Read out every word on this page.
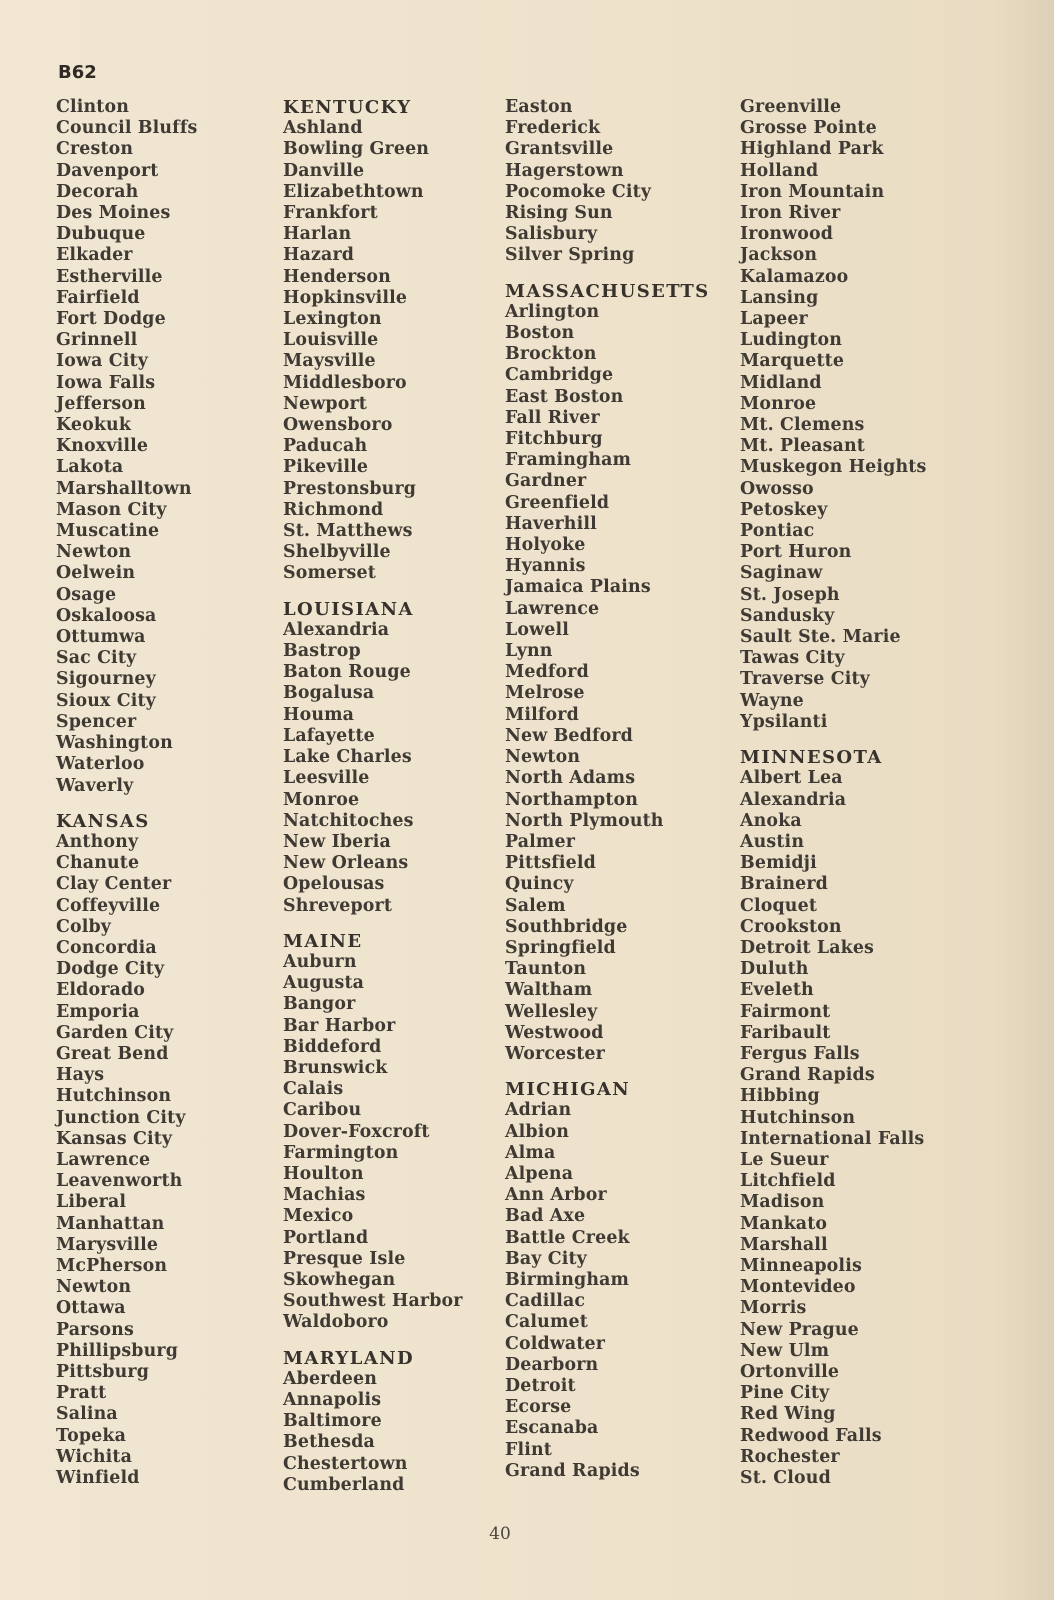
B62
Clinton
Council Bluffs
Creston
Davenport
Decorah
Des Moines
Dubuque
Elkader
Estherville
Fairfield
Fort Dodge
Grinnell
Iowa City
Iowa Falls
Jefferson
Keokuk
Knoxville
Lakota
Marshalltown
Mason City
Muscatine
Newton
Oelwein
Osage
Oskaloosa
Ottumwa
Sac City
Sigourney
Sioux City
Spencer
Washington
Waterloo
Waverly
KANSAS
Anthony
Chanute
Clay Center
Coffeyville
Colby
Concordia
Dodge City
Eldorado
Emporia
Garden City
Great Bend
Hays
Hutchinson
Junction City
Kansas City
Lawrence
Leavenworth
Liberal
Manhattan
Marysville
McPherson
Newton
Ottawa
Parsons
Phillipsburg
Pittsburg
Pratt
Salina
Topeka
Wichita
Winfield
KENTUCKY
Ashland
Bowling Green
Danville
Elizabethtown
Frankfort
Harlan
Hazard
Henderson
Hopkinsville
Lexington
Louisville
Maysville
Middlesboro
Newport
Owensboro
Paducah
Pikeville
Prestonsburg
Richmond
St. Matthews
Shelbyville
Somerset
LOUISIANA
Alexandria
Bastrop
Baton Rouge
Bogalusa
Houma
Lafayette
Lake Charles
Leesville
Monroe
Natchitoches
New Iberia
New Orleans
Opelousas
Shreveport
MAINE
Auburn
Augusta
Bangor
Bar Harbor
Biddeford
Brunswick
Calais
Caribou
Dover-Foxcroft
Farmington
Houlton
Machias
Mexico
Portland
Presque Isle
Skowhegan
Southwest Harbor
Waldoboro
MARYLAND
Aberdeen
Annapolis
Baltimore
Bethesda
Chestertown
Cumberland
Easton
Frederick
Grantsville
Hagerstown
Pocomoke City
Rising Sun
Salisbury
Silver Spring
MASSACHUSETTS
Arlington
Boston
Brockton
Cambridge
East Boston
Fall River
Fitchburg
Framingham
Gardner
Greenfield
Haverhill
Holyoke
Hyannis
Jamaica Plains
Lawrence
Lowell
Lynn
Medford
Melrose
Milford
New Bedford
Newton
North Adams
Northampton
North Plymouth
Palmer
Pittsfield
Quincy
Salem
Southbridge
Springfield
Taunton
Waltham
Wellesley
Westwood
Worcester
MICHIGAN
Adrian
Albion
Alma
Alpena
Ann Arbor
Bad Axe
Battle Creek
Bay City
Birmingham
Cadillac
Calumet
Coldwater
Dearborn
Detroit
Ecorse
Escanaba
Flint
Grand Rapids
Greenville
Grosse Pointe
Highland Park
Holland
Iron Mountain
Iron River
Ironwood
Jackson
Kalamazoo
Lansing
Lapeer
Ludington
Marquette
Midland
Monroe
Mt. Clemens
Mt. Pleasant
Muskegon Heights
Owosso
Petoskey
Pontiac
Port Huron
Saginaw
St. Joseph
Sandusky
Sault Ste. Marie
Tawas City
Traverse City
Wayne
Ypsilanti
MINNESOTA
Albert Lea
Alexandria
Anoka
Austin
Bemidji
Brainerd
Cloquet
Crookston
Detroit Lakes
Duluth
Eveleth
Fairmont
Faribault
Fergus Falls
Grand Rapids
Hibbing
Hutchinson
International Falls
Le Sueur
Litchfield
Madison
Mankato
Marshall
Minneapolis
Montevideo
Morris
New Prague
New Ulm
Ortonville
Pine City
Red Wing
Redwood Falls
Rochester
St. Cloud
40
